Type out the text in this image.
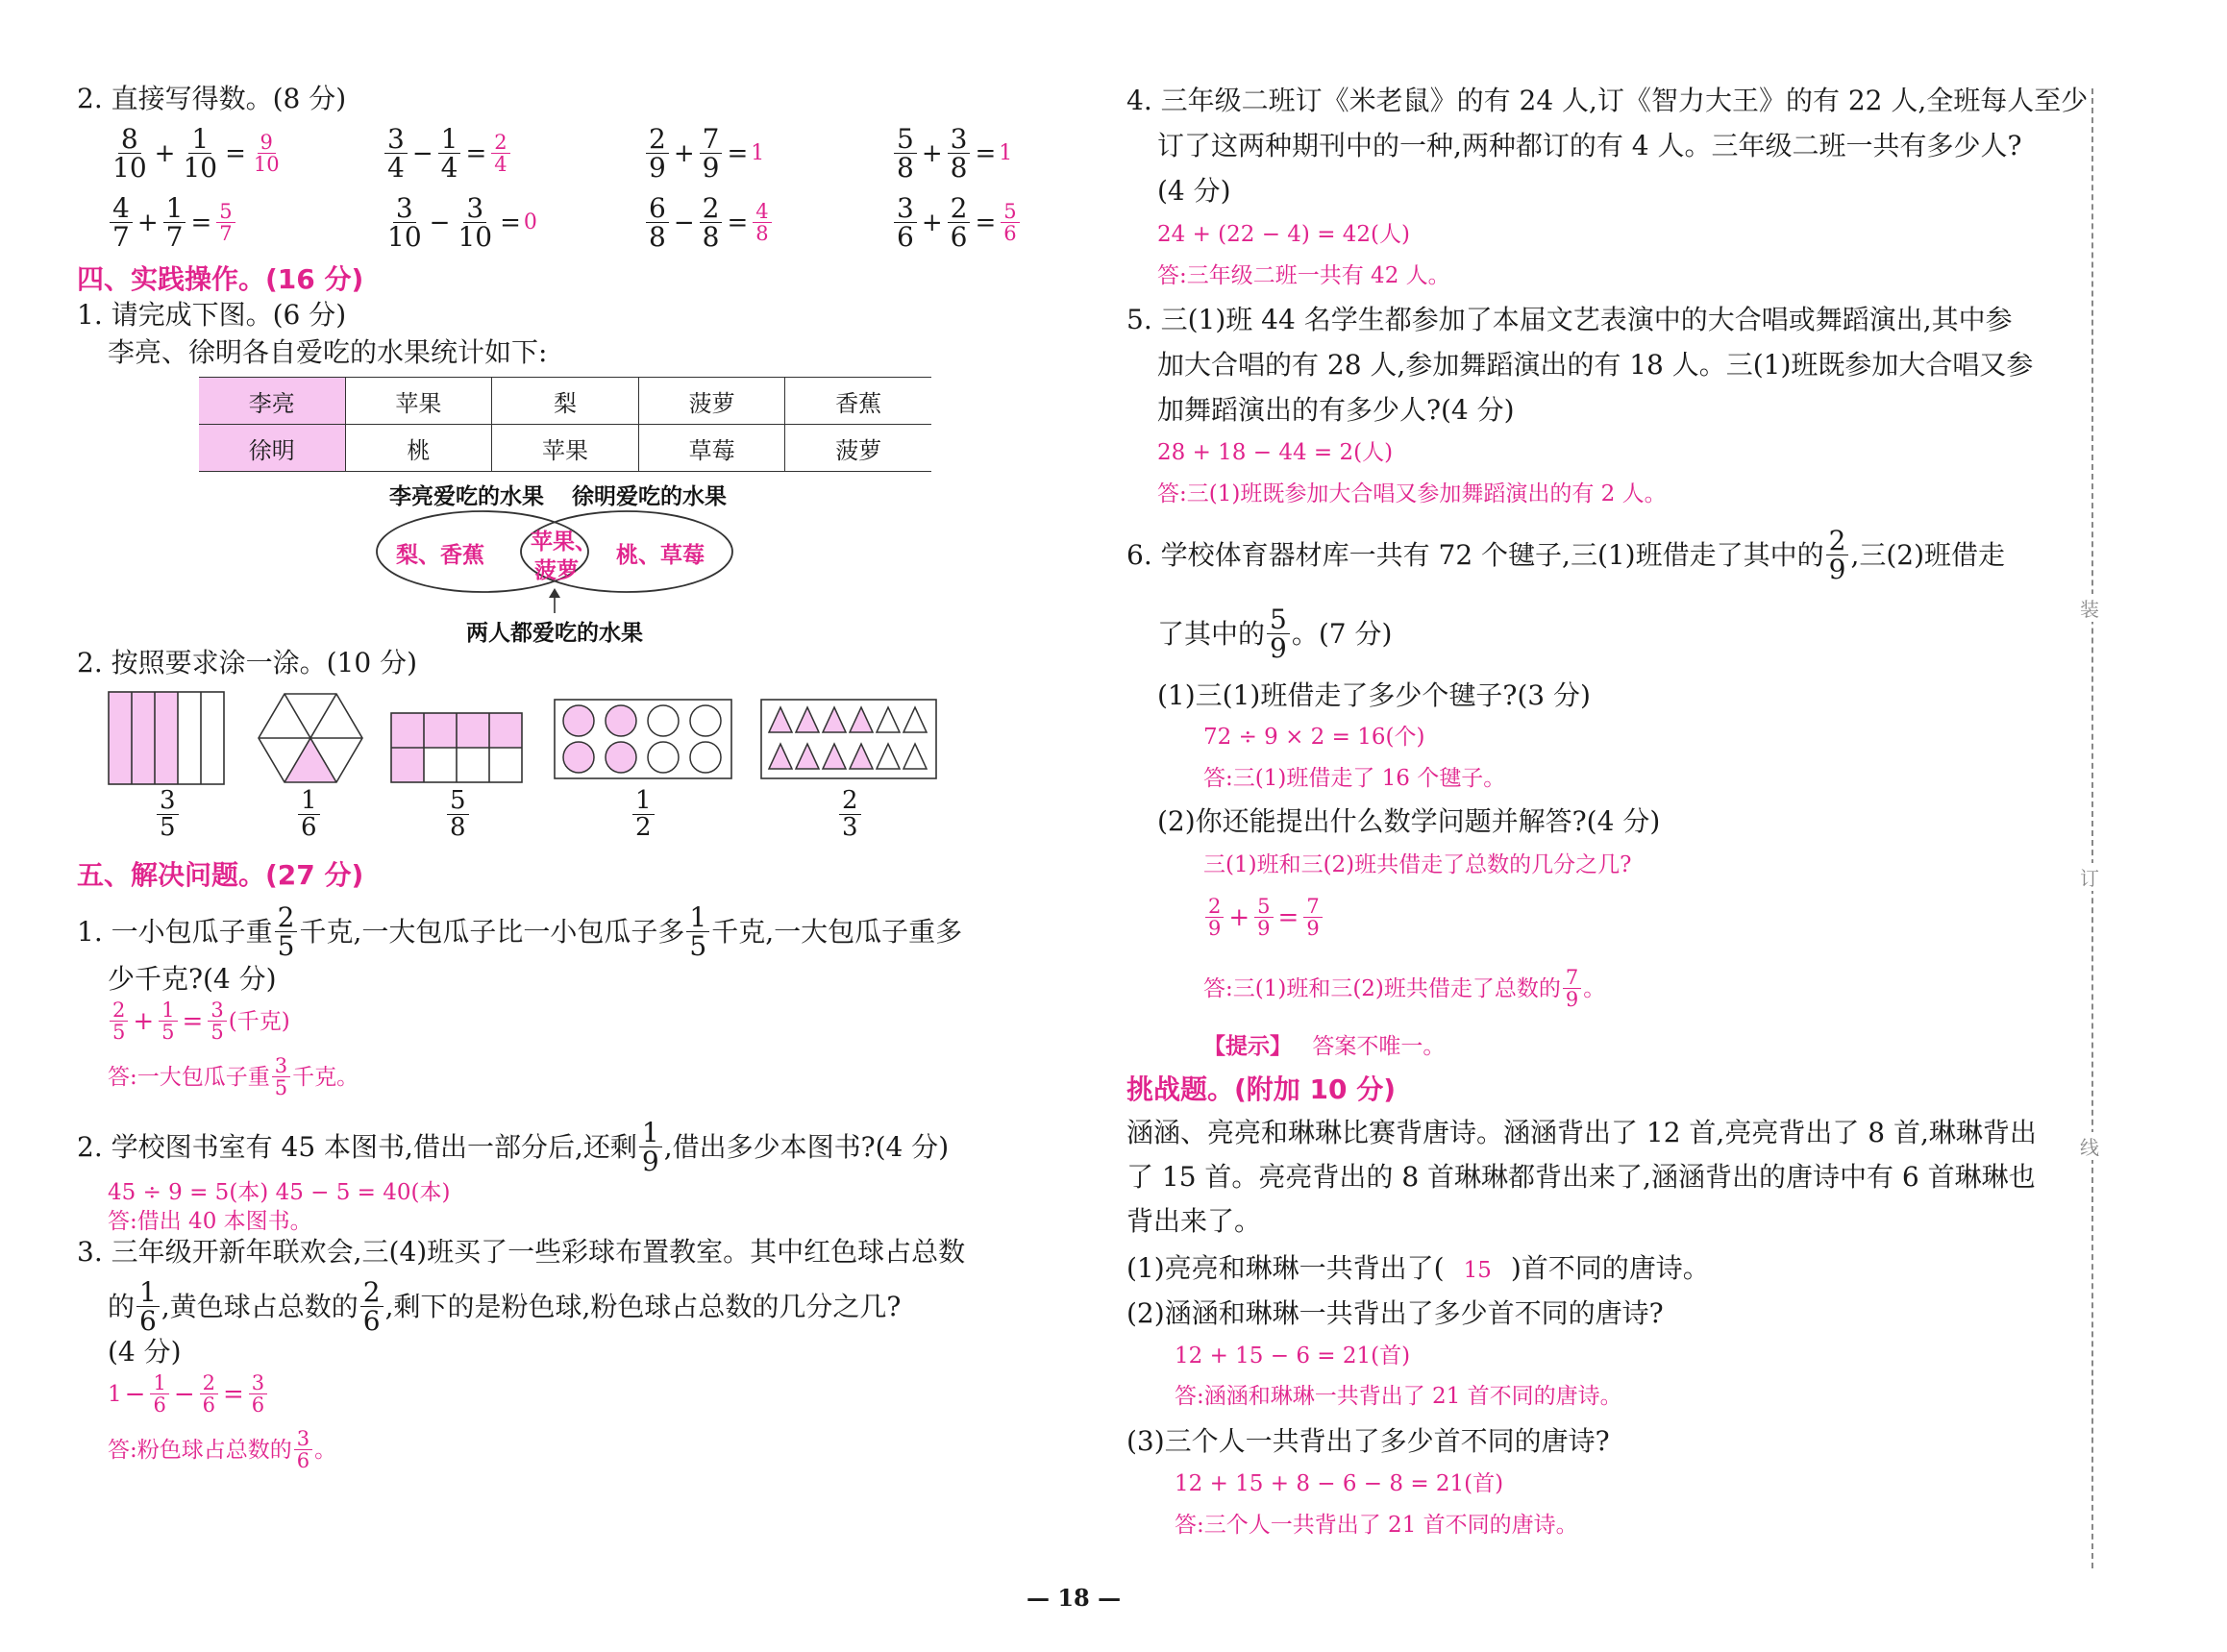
2. 直接写得数。(8 分)
$\frac{8}{10} + \frac{1}{10} = \frac{9}{10}$	$\frac{3}{4} - \frac{1}{4} = \frac{2}{4}$	$\frac{2}{9} + \frac{7}{9} = 1$	$\frac{5}{8} + \frac{3}{8} = 1$
$\frac{4}{7} + \frac{1}{7} = \frac{5}{7}$	$\frac{3}{10} - \frac{3}{10} = 0$	$\frac{6}{8} - \frac{2}{8} = \frac{4}{8}$	$\frac{3}{6} + \frac{2}{6} = \frac{5}{6}$
四、实践操作。(16 分)
1. 请完成下图。(6 分)
李亮、徐明各自爱吃的水果统计如下:
李亮	苹果	梨	菠萝	香蕉
徐明	桃	苹果	草莓	菠萝
李亮爱吃的水果 徐明爱吃的水果
梨、香蕉
苹果、
菠萝
桃、草莓
两人都爱吃的水果
2. 按照要求涂一涂。(10 分)
$\frac{3}{5}$	$\frac{1}{6}$	$\frac{5}{8}$	$\frac{1}{2}$	$\frac{2}{3}$
五、解决问题。(27 分)
1. 一小包瓜子重 $\frac{2}{5}$ 千克,一大包瓜子比一小包瓜子多 $\frac{1}{5}$ 千克,一大包瓜子重多
少千克?(4 分)
$\frac{2}{5} + \frac{1}{5} = \frac{3}{5}$ (千克)
答:一大包瓜子重 $\frac{3}{5}$ 千克。
2. 学校图书室有 45 本图书,借出一部分后,还剩 $\frac{1}{9}$ ,借出多少本图书?(4 分)
45 ÷ 9 = 5(本) 45 − 5 = 40(本)
答:借出 40 本图书。
3. 三年级开新年联欢会,三(4)班买了一些彩球布置教室。其中红色球占总数
的 $\frac{1}{6}$ ,黄色球占总数的 $\frac{2}{6}$ ,剩下的是粉色球,粉色球占总数的几分之几?
(4 分)
$1 - \frac{1}{6} - \frac{2}{6} = \frac{3}{6}$
答:粉色球占总数的 $\frac{3}{6}$ 。
4. 三年级二班订《米老鼠》的有 24 人,订《智力大王》的有 22 人,全班每人至少
订了这两种期刊中的一种,两种都订的有 4 人。三年级二班一共有多少人?
(4 分)
24 + (22 − 4) = 42(人)
答:三年级二班一共有 42 人。
5. 三(1)班 44 名学生都参加了本届文艺表演中的大合唱或舞蹈演出,其中参
加大合唱的有 28 人,参加舞蹈演出的有 18 人。三(1)班既参加大合唱又参
加舞蹈演出的有多少人?(4 分)
28 + 18 − 44 = 2(人)
答:三(1)班既参加大合唱又参加舞蹈演出的有 2 人。
6. 学校体育器材库一共有 72 个毽子,三(1)班借走了其中的 $\frac{2}{9}$ ,三(2)班借走
了其中的 $\frac{5}{9}$ 。(7 分)
(1)三(1)班借走了多少个毽子?(3 分)
72 ÷ 9 × 2 = 16(个)
答:三(1)班借走了 16 个毽子。
(2)你还能提出什么数学问题并解答?(4 分)
三(1)班和三(2)班共借走了总数的几分之几?
$\frac{2}{9} + \frac{5}{9} = \frac{7}{9}$
答:三(1)班和三(2)班共借走了总数的 $\frac{7}{9}$ 。
【提示】 答案不唯一。
挑战题。(附加 10 分)
涵涵、亮亮和琳琳比赛背唐诗。涵涵背出了 12 首,亮亮背出了 8 首,琳琳背出
了 15 首。亮亮背出的 8 首琳琳都背出来了,涵涵背出的唐诗中有 6 首琳琳也
背出来了。
(1)亮亮和琳琳一共背出了( 15 )首不同的唐诗。
(2)涵涵和琳琳一共背出了多少首不同的唐诗?
12 + 15 − 6 = 21(首)
答:涵涵和琳琳一共背出了 21 首不同的唐诗。
(3)三个人一共背出了多少首不同的唐诗?
12 + 15 + 8 − 6 − 8 = 21(首)
答:三个人一共背出了 21 首不同的唐诗。
装
订
线
— 18 —
